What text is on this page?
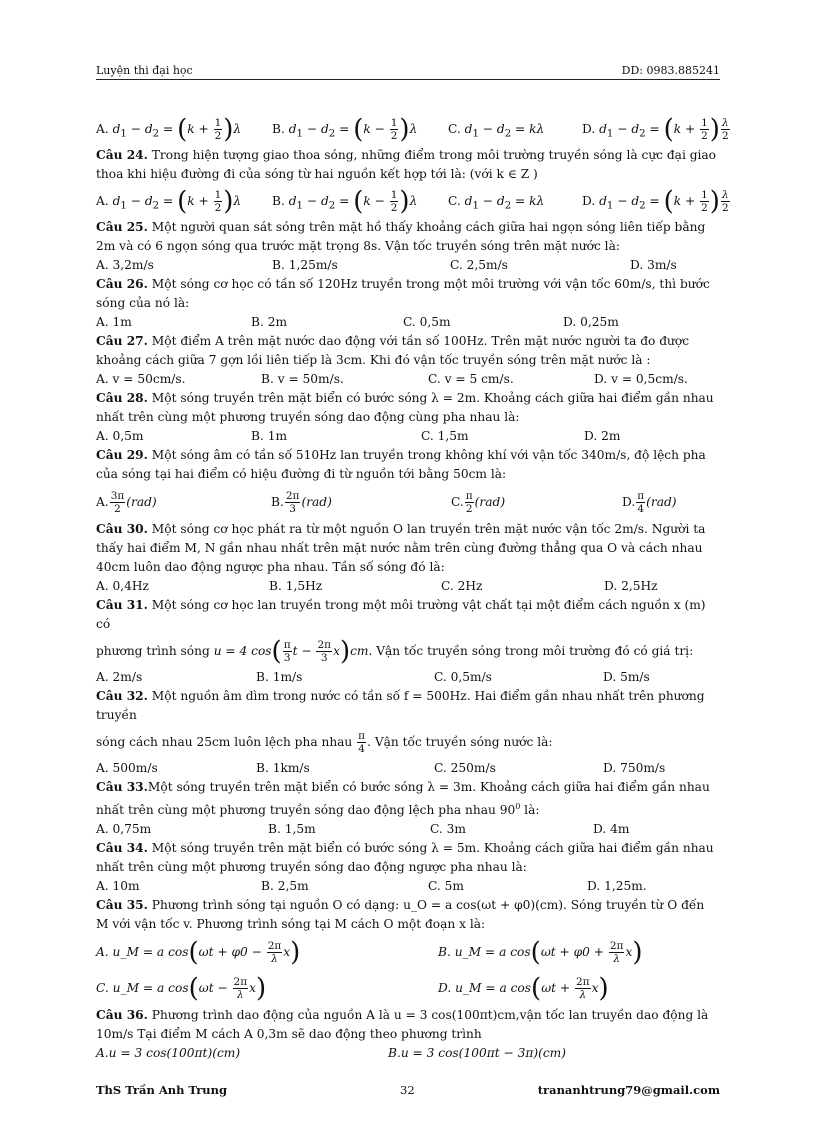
Luyện thi đại học	DD: 0983.885241
A. $d_1 - d_2 = (k + \frac{1}{2} )\lambda$	B. $d_1 - d_2 = (k - \frac{1}{2} )\lambda$	C. $d_1 - d_2 = k\lambda$	D. $d_1 - d_2 = (k + \frac{1}{2}$ ) $\frac{\lambda}{2}$

Câu 24. Trong hiện tượng giao thoa sóng, những điểm trong môi trường truyền sóng là cực đại giao thoa khi hiệu đường đi của sóng từ hai nguồn kết hợp tới là: (với k ∈ Z )

A. $d_1 - d_2 = (k + \frac{1}{2} )\lambda$	B. $d_1 - d_2 = (k - \frac{1}{2} )\lambda$	C. $d_1 - d_2 = k\lambda$	D. $d_1 - d_2 = (k + \frac{1}{2}$ ) $\frac{\lambda}{2}$

Câu 25. Một người quan sát sóng trên mặt hồ thấy khoảng cách giữa hai ngọn sóng liên tiếp bằng 2m và có 6 ngọn sóng qua trước mặt trọng 8s. Vận tốc truyền sóng trên mặt nước là:

A. 3,2m/s	B. 1,25m/s	C. 2,5m/s	D. 3m/s

Câu 26. Một sóng cơ học có tần số 120Hz truyền trong một môi trường với vận tốc 60m/s, thì bước sóng của nó là:

A. 1m	B. 2m	C. 0,5m	D. 0,25m

Câu 27. Một điểm A trên mặt nước dao động với tần số 100Hz. Trên mặt nước người ta đo được khoảng cách giữa 7 gợn lồi liên tiếp là 3cm. Khi đó vận tốc truyền sóng trên mặt nước là :

A. v = 50cm/s.	B. v = 50m/s.	C. v = 5 cm/s.	D. v = 0,5cm/s.

Câu 28. Một sóng truyền trên mặt biển có bước sóng λ = 2m. Khoảng cách giữa hai điểm gần nhau nhất trên cùng một phương truyền sóng dao động cùng pha nhau là:

A. 0,5m	B. 1m	C. 1,5m	D. 2m

Câu 29. Một sóng âm có tần số 510Hz lan truyền trong không khí với vận tốc 340m/s, độ lệch pha của sóng tại hai điểm có hiệu đường đi từ nguồn tới bằng 50cm là:

A. $\frac{3\pi}{2} (rad)$	B. $\frac{2\pi}{3} (rad)$	C. $\frac{\pi}{2} (rad)$	D. $\frac{\pi}{4} (rad)$

Câu 30. Một sóng cơ học phát ra từ một nguồn O lan truyền trên mặt nước vận tốc 2m/s. Người ta thấy hai điểm M, N gần nhau nhất trên mặt nước nằm trên cùng đường thẳng qua O và cách nhau 40cm luôn dao động ngược pha nhau. Tần số sóng đó là:

A. 0,4Hz	B. 1,5Hz	C. 2Hz	D. 2,5Hz

Câu 31. Một sóng cơ học lan truyền trong một môi trường vật chất tại một điểm cách nguồn x (m) có

phương trình sóng u = 4 $\cos( \frac{\pi}{3}$ $t - \frac{2\pi}{3} x)cm$. Vận tốc truyền sóng trong môi trường đó có giá trị:
A. 2m/s	B. 1m/s	C. 0,5m/s	D. 5m/s

Câu 32. Một nguồn âm dìm trong nước có tần số f = 500Hz. Hai điểm gần nhau nhất trên phương truyền

sóng cách nhau 25cm luôn lệch pha nhau $\frac{\pi}{4}$ . Vận tốc truyền sóng nước là:
A. 500m/s	B. 1km/s	C. 250m/s	D. 750m/s

Câu 33.Một sóng truyền trên mặt biển có bước sóng λ = 3m. Khoảng cách giữa hai điểm gần nhau nhất trên cùng một phương truyền sóng dao động lệch pha nhau $90^0$ là:

A. 0,75m	B. 1,5m	C. 3m	D. 4m

Câu 34. Một sóng truyền trên mặt biển có bước sóng λ = 5m. Khoảng cách giữa hai điểm gần nhau nhất trên cùng một phương truyền sóng dao động ngược pha nhau là:

A. 10m	B. 2,5m	C. 5m	D. 1,25m.

Câu 35. Phương trình sóng tại nguồn O có dạng: u_O = a cos(ωt + φ0)(cm). Sóng truyền từ O đến M với vận tốc v. Phương trình sóng tại M cách O một đoạn x là:

A. u_M = a $\cos(\omega t + \varphi 0 - \frac{2\pi}{\lambda} x)$	B. u_M = a $\cos(\omega t + \varphi 0 + \frac{2\pi}{\lambda} x)$
C. u_M = a $\cos(\omega t - \frac{2\pi}{\lambda} x)$	D. u_M = a $\cos(\omega t + \frac{2\pi}{\lambda} x)$

Câu 36. Phương trình dao động của nguồn A là u = 3 cos(100πt)cm,vận tốc lan truyền dao động là 10m/s Tại điểm M cách A 0,3m sẽ dao động theo phương trình

A.u = 3 cos(100πt)(cm)	B.u = 3 cos(100πt − 3π)(cm)
ThS Trần Anh Trung	32	trananhtrung79@gmail.com
